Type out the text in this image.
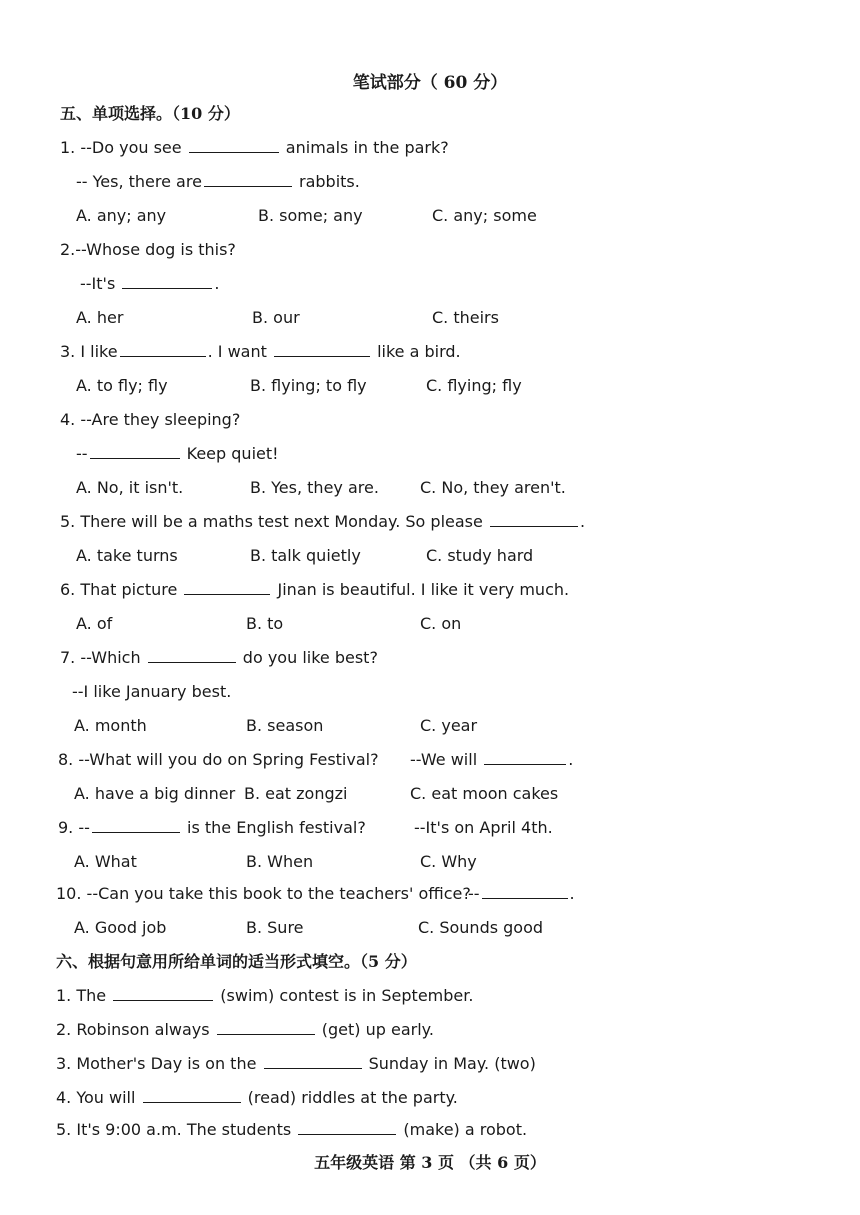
笔试部分（ 60 分）
五、单项选择。（10 分）
1. --Do you see	animals in the park?
-- Yes, there are	rabbits.
A. any; any	B. some; any	C. any; some
2.--Whose dog is this?
--It's	.
A. her	B. our	C. theirs
3. I like	. I want	like a bird.
A. to fly; fly	B. flying; to fly	C. flying; fly
4. --Are they sleeping?
--	Keep quiet!
A. No, it isn't.	B. Yes, they are.	C. No, they aren't.
5. There will be a maths test next Monday. So please	.
A. take turns	B. talk quietly	C. study hard
6. That picture	Jinan is beautiful. I like it very much.
A. of	B. to	C. on
7. --Which	do you like best?
--I like January best.
A. month	B. season	C. year
8. --What will you do on Spring Festival? --We will	.
A. have a big dinner B. eat zongzi	C. eat moon cakes
9. --	is the English festival?	--It's on April 4th.
A. What	B. When	C. Why
10. --Can you take this book to the teachers' office?
--	.
A. Good job	B. Sure	C. Sounds good
六、根据句意用所给单词的适当形式填空。（5 分）
1. The	(swim) contest is in September.
2. Robinson always	(get) up early.
3. Mother's Day is on the	Sunday in May. (two)
4. You will	(read) riddles at the party.
5. It's 9:00 a.m. The students	(make) a robot.
五年级英语 第 3 页 （共 6 页）
